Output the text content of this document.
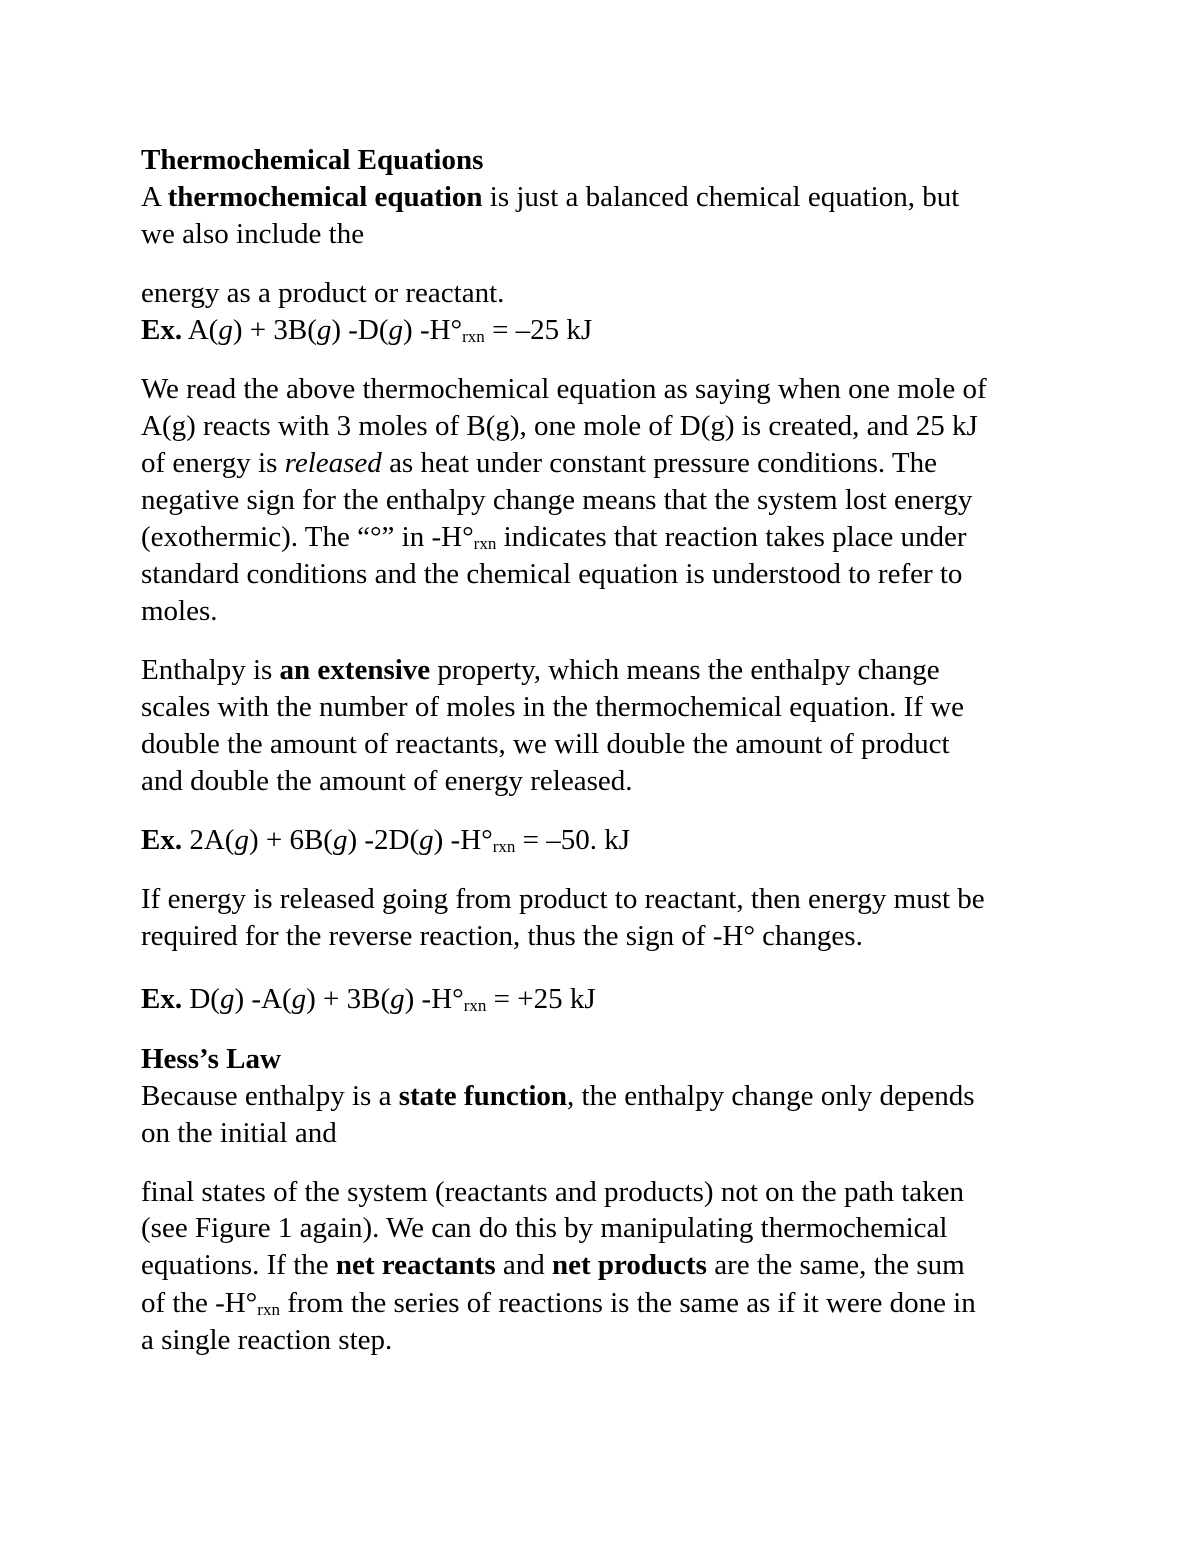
Thermochemical Equations

A thermochemical equation is just a balanced chemical equation, but

we also include the

energy as a product or reactant.

Ex. A(g) + 3B(g) -D(g) -H°rxn = –25 kJ

We read the above thermochemical equation as saying when one mole of

A(g) reacts with 3 moles of B(g), one mole of D(g) is created, and 25 kJ

of energy is released as heat under constant pressure conditions. The

negative sign for the enthalpy change means that the system lost energy

(exothermic). The “°” in -H°rxn indicates that reaction takes place under

standard conditions and the chemical equation is understood to refer to

moles.

Enthalpy is an extensive property, which means the enthalpy change

scales with the number of moles in the thermochemical equation. If we

double the amount of reactants, we will double the amount of product

and double the amount of energy released.

Ex. 2A(g) + 6B(g) -2D(g) -H°rxn = –50. kJ

If energy is released going from product to reactant, then energy must be

required for the reverse reaction, thus the sign of -H° changes.

Ex. D(g) -A(g) + 3B(g) -H°rxn = +25 kJ

Hess’s Law

Because enthalpy is a state function, the enthalpy change only depends

on the initial and

final states of the system (reactants and products) not on the path taken

(see Figure 1 again). We can do this by manipulating thermochemical

equations. If the net reactants and net products are the same, the sum

of the -H°rxn from the series of reactions is the same as if it were done in

a single reaction step.
